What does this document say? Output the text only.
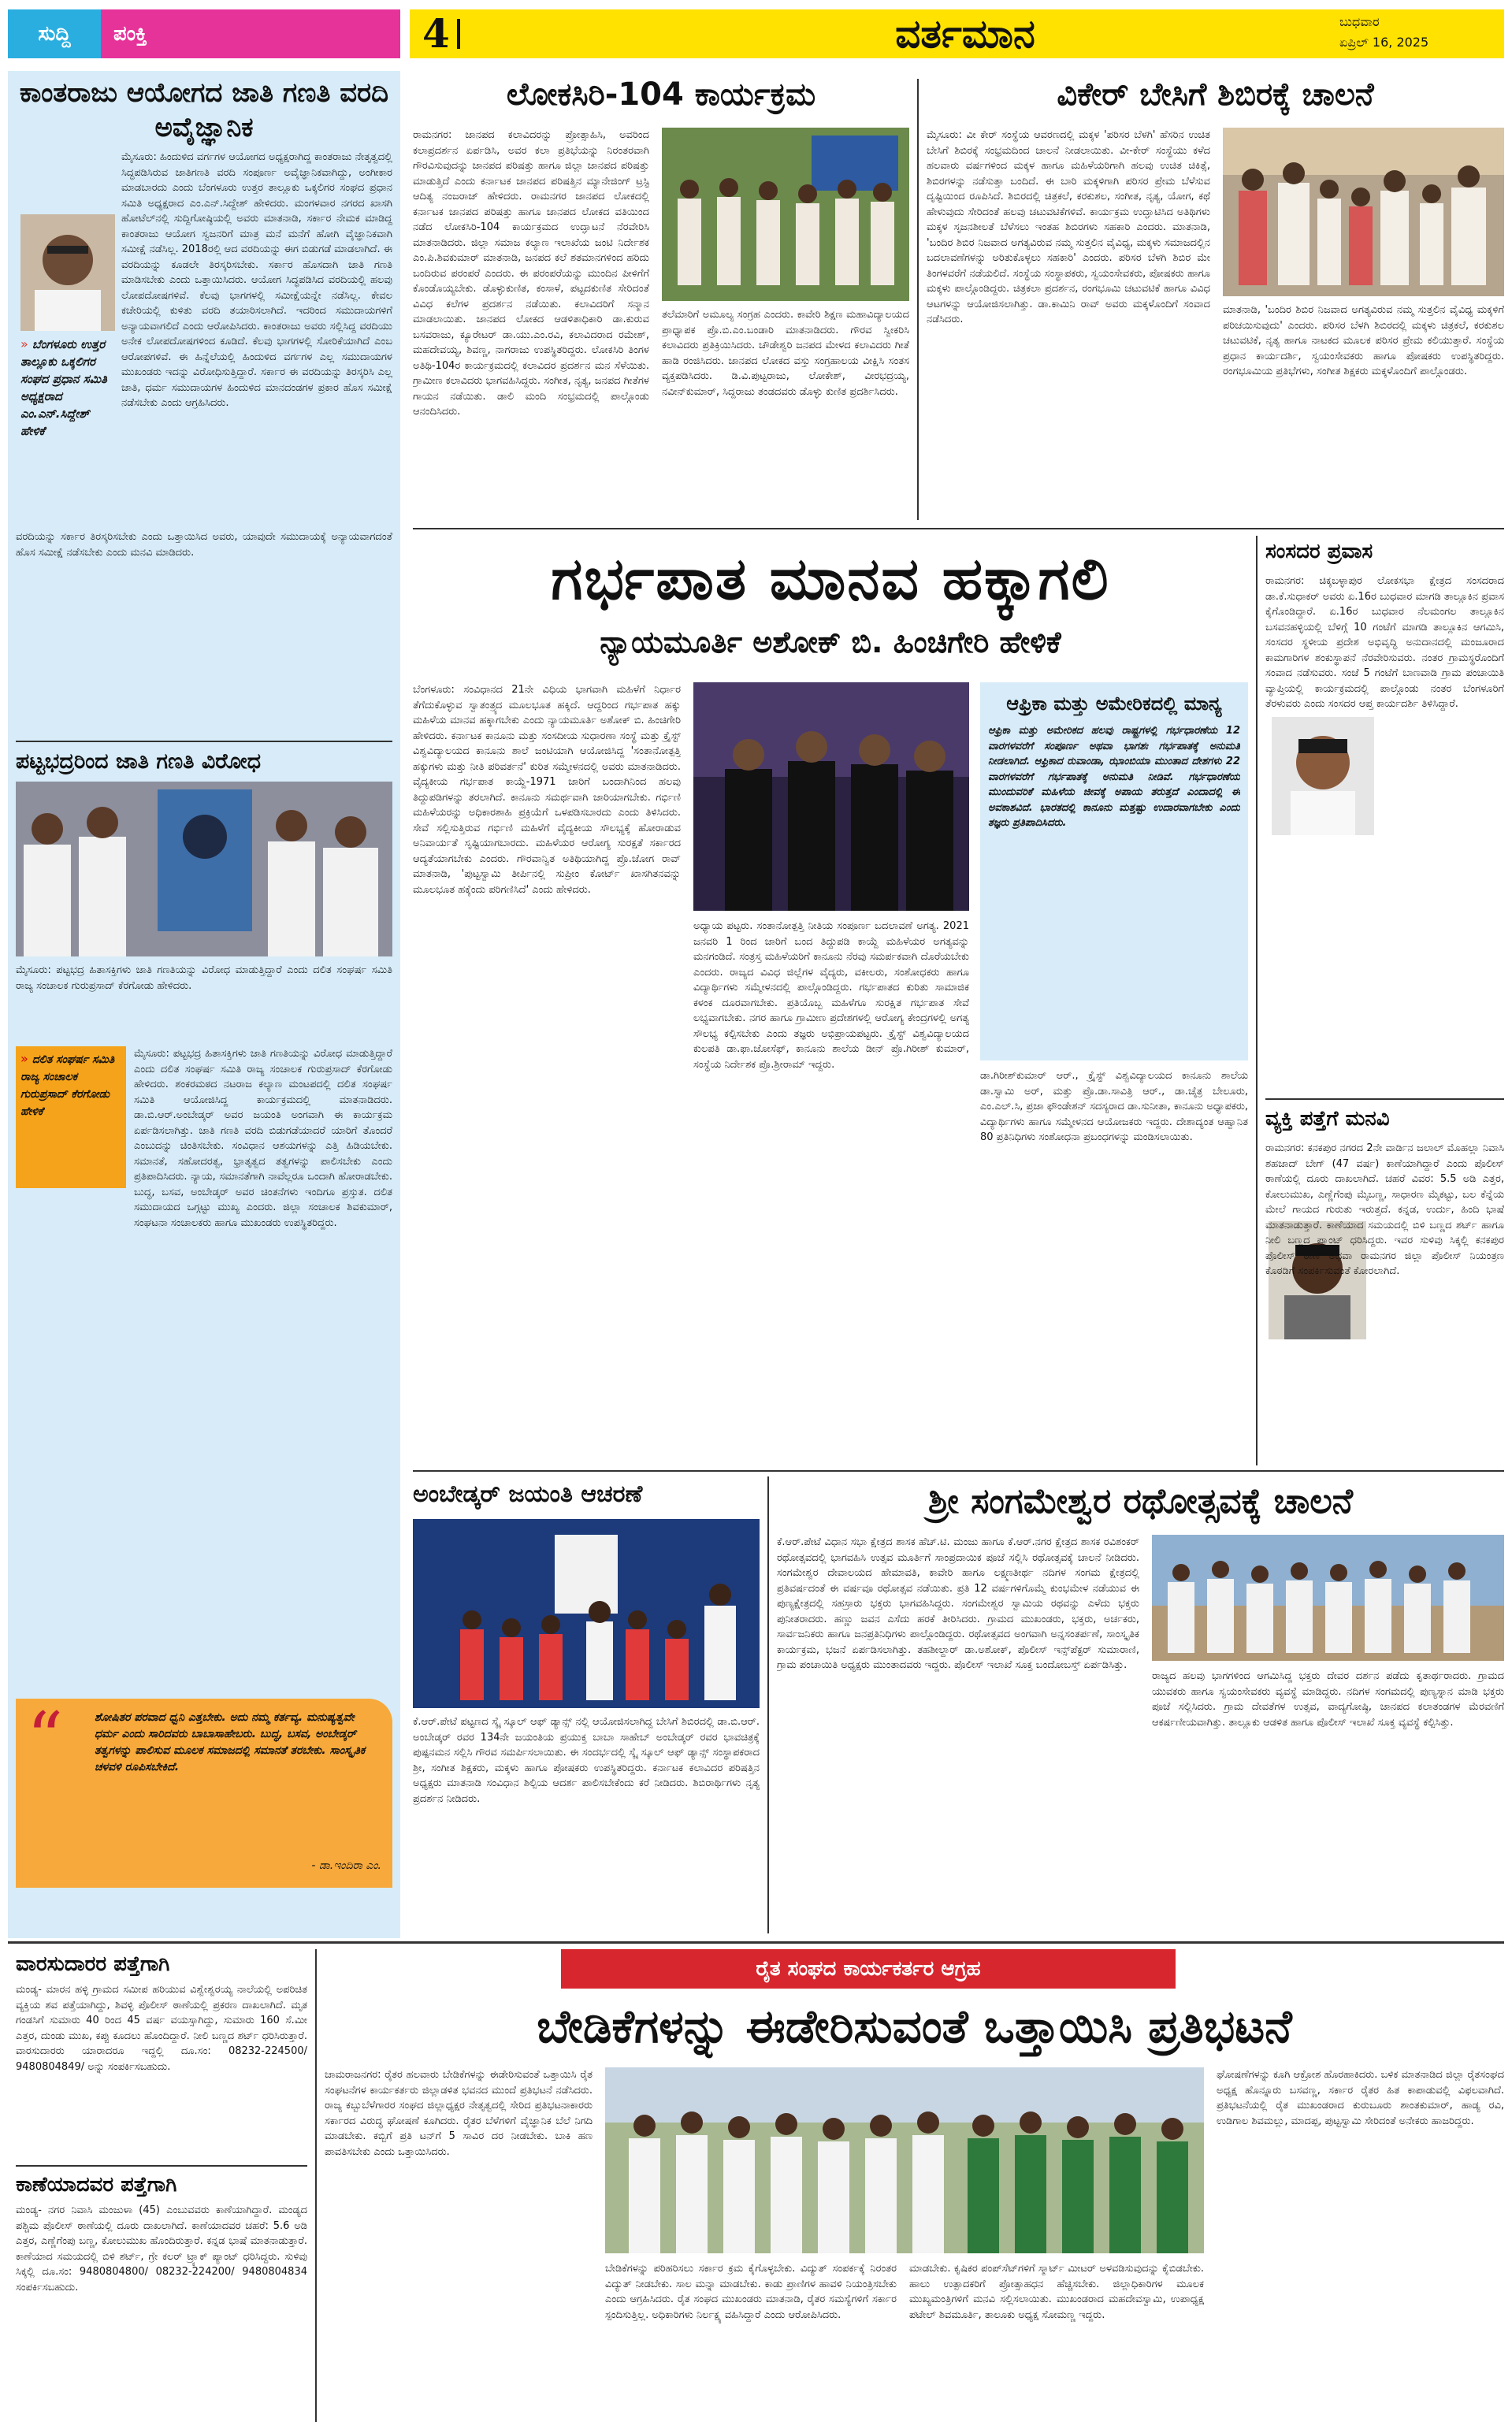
ಸುದ್ದಿ	ಪಂಕ್ತಿ	4	ವರ್ತಮಾನ	ಬುಧವಾರ
ಏಪ್ರಿಲ್ 16, 2025
ಕಾಂತರಾಜು ಆಯೋಗದ ಜಾತಿ ಗಣತಿ ವರದಿ ಅವೈಜ್ಞಾನಿಕ
» ಬೆಂಗಳೂರು ಉತ್ತರ ತಾಲ್ಲೂಕು ಒಕ್ಕಲಿಗರ ಸಂಘದ ಪ್ರಧಾನ ಸಮಿತಿ ಅಧ್ಯಕ್ಷರಾದ ಎಂ.ಎನ್.ಸಿದ್ದೇಶ್ ಹೇಳಿಕೆ
ಮೈಸೂರು: ಹಿಂದುಳಿದ ವರ್ಗಗಳ ಆಯೋಗದ ಅಧ್ಯಕ್ಷರಾಗಿದ್ದ ಕಾಂತರಾಜು ನೇತೃತ್ವದಲ್ಲಿ ಸಿದ್ಧಪಡಿಸಿರುವ ಜಾತಿಗಣತಿ ವರದಿ ಸಂಪೂರ್ಣ ಅವೈಜ್ಞಾನಿಕವಾಗಿದ್ದು, ಅಂಗೀಕಾರ ಮಾಡಬಾರದು ಎಂದು ಬೆಂಗಳೂರು ಉತ್ತರ ತಾಲ್ಲೂಕು ಒಕ್ಕಲಿಗರ ಸಂಘದ ಪ್ರಧಾನ ಸಮಿತಿ ಅಧ್ಯಕ್ಷರಾದ ಎಂ.ಎನ್.ಸಿದ್ದೇಶ್ ಹೇಳಿದರು. ಮಂಗಳವಾರ ನಗರದ ಖಾಸಗಿ ಹೋಟೆಲ್‌ನಲ್ಲಿ ಸುದ್ದಿಗೋಷ್ಠಿಯಲ್ಲಿ ಅವರು ಮಾತನಾಡಿ, ಸರ್ಕಾರ ನೇಮಕ ಮಾಡಿದ್ದ ಕಾಂತರಾಜು ಆಯೋಗ ಸ್ವಜನರಿಗೆ ಮಾತ್ರ ಮನೆ ಮನೆಗೆ ಹೋಗಿ ವೈಜ್ಞಾನಿಕವಾಗಿ ಸಮೀಕ್ಷೆ ನಡೆಸಿಲ್ಲ. 2018ರಲ್ಲಿ ಆದ ವರದಿಯನ್ನು ಈಗ ಬಿಡುಗಡೆ ಮಾಡಲಾಗಿದೆ. ಈ ವರದಿಯನ್ನು ಕೂಡಲೇ ತಿರಸ್ಕರಿಸಬೇಕು. ಸರ್ಕಾರ ಹೊಸದಾಗಿ ಜಾತಿ ಗಣತಿ ಮಾಡಿಸಬೇಕು ಎಂದು ಒತ್ತಾಯಿಸಿದರು. ಆಯೋಗ ಸಿದ್ಧಪಡಿಸಿದ ವರದಿಯಲ್ಲಿ ಹಲವು ಲೋಪದೋಷಗಳಿವೆ. ಕೆಲವು ಭಾಗಗಳಲ್ಲಿ ಸಮೀಕ್ಷೆಯನ್ನೇ ನಡೆಸಿಲ್ಲ. ಕೇವಲ ಕಚೇರಿಯಲ್ಲಿ ಕುಳಿತು ವರದಿ ತಯಾರಿಸಲಾಗಿದೆ. ಇದರಿಂದ ಸಮುದಾಯಗಳಿಗೆ ಅನ್ಯಾಯವಾಗಲಿದೆ ಎಂದು ಆರೋಪಿಸಿದರು. ಕಾಂತರಾಜು ಅವರು ಸಲ್ಲಿಸಿದ್ದ ವರದಿಯು ಅನೇಕ ಲೋಪದೋಷಗಳಿಂದ ಕೂಡಿದೆ. ಕೆಲವು ಭಾಗಗಳಲ್ಲಿ ಸೋರಿಕೆಯಾಗಿದೆ ಎಂಬ ಆರೋಪಗಳಿವೆ. ಈ ಹಿನ್ನೆಲೆಯಲ್ಲಿ ಹಿಂದುಳಿದ ವರ್ಗಗಳ ಎಲ್ಲ ಸಮುದಾಯಗಳ ಮುಖಂಡರು ಇದನ್ನು ವಿರೋಧಿಸುತ್ತಿದ್ದಾರೆ. ಸರ್ಕಾರ ಈ ವರದಿಯನ್ನು ತಿರಸ್ಕರಿಸಿ ಎಲ್ಲ ಜಾತಿ, ಧರ್ಮ ಸಮುದಾಯಗಳ ಹಿಂದುಳಿದ ಮಾನದಂಡಗಳ ಪ್ರಕಾರ ಹೊಸ ಸಮೀಕ್ಷೆ ನಡೆಸಬೇಕು ಎಂದು ಆಗ್ರಹಿಸಿದರು.
ವರದಿಯನ್ನು ಸರ್ಕಾರ ತಿರಸ್ಕರಿಸಬೇಕು ಎಂದು ಒತ್ತಾಯಿಸಿದ ಅವರು, ಯಾವುದೇ ಸಮುದಾಯಕ್ಕೆ ಅನ್ಯಾಯವಾಗದಂತೆ ಹೊಸ ಸಮೀಕ್ಷೆ ನಡೆಸಬೇಕು ಎಂದು ಮನವಿ ಮಾಡಿದರು.
ಪಟ್ಟಭದ್ರರಿಂದ ಜಾತಿ ಗಣತಿ ವಿರೋಧ
ಮೈಸೂರು: ಪಟ್ಟಭದ್ರ ಹಿತಾಸಕ್ತಿಗಳು ಜಾತಿ ಗಣತಿಯನ್ನು ವಿರೋಧ ಮಾಡುತ್ತಿದ್ದಾರೆ ಎಂದು ದಲಿತ ಸಂಘರ್ಷ ಸಮಿತಿ ರಾಜ್ಯ ಸಂಚಾಲಕ ಗುರುಪ್ರಸಾದ್ ಕೆರಗೋಡು ಹೇಳಿದರು.
» ದಲಿತ ಸಂಘರ್ಷ ಸಮಿತಿ ರಾಜ್ಯ ಸಂಚಾಲಕ ಗುರುಪ್ರಸಾದ್ ಕೆರಗೋಡು ಹೇಳಿಕೆ
ಮೈಸೂರು: ಪಟ್ಟಭದ್ರ ಹಿತಾಸಕ್ತಿಗಳು ಜಾತಿ ಗಣತಿಯನ್ನು ವಿರೋಧ ಮಾಡುತ್ತಿದ್ದಾರೆ ಎಂದು ದಲಿತ ಸಂಘರ್ಷ ಸಮಿತಿ ರಾಜ್ಯ ಸಂಚಾಲಕ ಗುರುಪ್ರಸಾದ್ ಕೆರಗೋಡು ಹೇಳಿದರು. ಶಂಕರಮಠದ ನಟರಾಜ ಕಲ್ಯಾಣ ಮಂಟಪದಲ್ಲಿ ದಲಿತ ಸಂಘರ್ಷ ಸಮಿತಿ ಆಯೋಜಿಸಿದ್ದ ಕಾರ್ಯಕ್ರಮದಲ್ಲಿ ಮಾತನಾಡಿದರು. ಡಾ.ಬಿ.ಆರ್.ಅಂಬೇಡ್ಕರ್ ಅವರ ಜಯಂತಿ ಅಂಗವಾಗಿ ಈ ಕಾರ್ಯಕ್ರಮ ಏರ್ಪಡಿಸಲಾಗಿತ್ತು. ಜಾತಿ ಗಣತಿ ವರದಿ ಬಿಡುಗಡೆಯಾದರೆ ಯಾರಿಗೆ ತೊಂದರೆ ಎಂಬುದನ್ನು ಚಿಂತಿಸಬೇಕು. ಸಂವಿಧಾನ ಆಶಯಗಳನ್ನು ಎತ್ತಿ ಹಿಡಿಯಬೇಕು. ಸಮಾನತೆ, ಸಹೋದರತ್ವ, ಭ್ರಾತೃತ್ವದ ತತ್ವಗಳನ್ನು ಪಾಲಿಸಬೇಕು ಎಂದು ಪ್ರತಿಪಾದಿಸಿದರು. ನ್ಯಾಯ, ಸಮಾನತೆಗಾಗಿ ನಾವೆಲ್ಲರೂ ಒಂದಾಗಿ ಹೋರಾಡಬೇಕು. ಬುದ್ಧ, ಬಸವ, ಅಂಬೇಡ್ಕರ್ ಅವರ ಚಿಂತನೆಗಳು ಇಂದಿಗೂ ಪ್ರಸ್ತುತ. ದಲಿತ ಸಮುದಾಯದ ಒಗ್ಗಟ್ಟು ಮುಖ್ಯ ಎಂದರು. ಜಿಲ್ಲಾ ಸಂಚಾಲಕ ಶಿವಕುಮಾರ್, ಸಂಘಟನಾ ಸಂಚಾಲಕರು ಹಾಗೂ ಮುಖಂಡರು ಉಪಸ್ಥಿತರಿದ್ದರು.
“	ಶೋಷಿತರ ಪರವಾದ ಧ್ವನಿ ಎತ್ತಬೇಕು. ಅದು ನಮ್ಮ ಕರ್ತವ್ಯ. ಮನುಷ್ಯತ್ವವೇ ಧರ್ಮ ಎಂದು ಸಾರಿದವರು ಬಾಬಾಸಾಹೇಬರು. ಬುದ್ಧ, ಬಸವ, ಅಂಬೇಡ್ಕರ್ ತತ್ವಗಳನ್ನು ಪಾಲಿಸುವ ಮೂಲಕ ಸಮಾಜದಲ್ಲಿ ಸಮಾನತೆ ತರಬೇಕು. ಸಾಂಸ್ಕೃತಿಕ ಚಳವಳಿ ರೂಪಿಸಬೇಕಿದೆ.
- ಡಾ.ಇಂದಿರಾ ಎಂ.
ಲೋಕಸಿರಿ-104 ಕಾರ್ಯಕ್ರಮ
ರಾಮನಗರ: ಜಾನಪದ ಕಲಾವಿದರನ್ನು ಪ್ರೋತ್ಸಾಹಿಸಿ, ಅವರಿಂದ ಕಲಾಪ್ರದರ್ಶನ ಏರ್ಪಡಿಸಿ, ಅವರ ಕಲಾ ಪ್ರತಿಭೆಯನ್ನು ನಿರಂತರವಾಗಿ ಗೌರವಿಸುವುದನ್ನು ಜಾನಪದ ಪರಿಷತ್ತು ಹಾಗೂ ಜಿಲ್ಲಾ ಜಾನಪದ ಪರಿಷತ್ತು ಮಾಡುತ್ತಿದೆ ಎಂದು ಕರ್ನಾಟಕ ಜಾನಪದ ಪರಿಷತ್ತಿನ ಮ್ಯಾನೇಜಿಂಗ್ ಟ್ರಸ್ಟಿ ಆದಿತ್ಯ ನಂಜರಾಜ್ ಹೇಳಿದರು. ರಾಮನಗರ ಜಾನಪದ ಲೋಕದಲ್ಲಿ ಕರ್ನಾಟಕ ಜಾನಪದ ಪರಿಷತ್ತು ಹಾಗೂ ಜಾನಪದ ಲೋಕದ ವತಿಯಿಂದ ನಡೆದ ಲೋಕಸಿರಿ-104 ಕಾರ್ಯಕ್ರಮದ ಉದ್ಘಾಟನೆ ನೆರವೇರಿಸಿ ಮಾತನಾಡಿದರು. ಜಿಲ್ಲಾ ಸಮಾಜ ಕಲ್ಯಾಣ ಇಲಾಖೆಯ ಜಂಟಿ ನಿರ್ದೇಶಕ ಎಂ.ಪಿ.ಶಿವಕುಮಾರ್ ಮಾತನಾಡಿ, ಜನಪದ ಕಲೆ ಶತಮಾನಗಳಿಂದ ಹರಿದು ಬಂದಿರುವ ಪರಂಪರೆ ಎಂದರು. ಈ ಪರಂಪರೆಯನ್ನು ಮುಂದಿನ ಪೀಳಿಗೆಗೆ ಕೊಂಡೊಯ್ಯಬೇಕು. ಡೊಳ್ಳುಕುಣಿತ, ಕಂಸಾಳೆ, ಪಟ್ಟದಕುಣಿತ ಸೇರಿದಂತೆ ವಿವಿಧ ಕಲೆಗಳ ಪ್ರದರ್ಶನ ನಡೆಯಿತು. ಕಲಾವಿದರಿಗೆ ಸನ್ಮಾನ ಮಾಡಲಾಯಿತು. ಜಾನಪದ ಲೋಕದ ಆಡಳಿತಾಧಿಕಾರಿ ಡಾ.ಕುರುವ ಬಸವರಾಜು, ಕ್ಯೂರೇಟರ್ ಡಾ.ಯು.ಎಂ.ರವಿ, ಕಲಾವಿದರಾದ ರಮೇಶ್, ಮಹದೇವಯ್ಯ, ಶಿವಣ್ಣ, ನಾಗರಾಜು ಉಪಸ್ಥಿತರಿದ್ದರು. ಲೋಕಸಿರಿ ತಿಂಗಳ ಅತಿಥಿ-104ರ ಕಾರ್ಯಕ್ರಮದಲ್ಲಿ ಕಲಾವಿದರ ಪ್ರದರ್ಶನ ಮನ ಸೆಳೆಯಿತು. ಗ್ರಾಮೀಣ ಕಲಾವಿದರು ಭಾಗವಹಿಸಿದ್ದರು. ಸಂಗೀತ, ನೃತ್ಯ, ಜನಪದ ಗೀತೆಗಳ ಗಾಯನ ನಡೆಯಿತು. ಡಾಲಿ ಮಂದಿ ಸಂಭ್ರಮದಲ್ಲಿ ಪಾಲ್ಗೊಂಡು ಆನಂದಿಸಿದರು.
ತಲೆಮಾರಿಗೆ ಅಮೂಲ್ಯ ಸಂಗ್ರಹ ಎಂದರು. ಕಾವೇರಿ ಶಿಕ್ಷಣ ಮಹಾವಿದ್ಯಾಲಯದ ಪ್ರಾಧ್ಯಾಪಕ ಪ್ರೊ.ಬಿ.ಎಂ.ಬಂಡಾರಿ ಮಾತನಾಡಿದರು. ಗೌರವ ಸ್ವೀಕರಿಸಿ ಕಲಾವಿದರು ಪ್ರತಿಕ್ರಿಯಿಸಿದರು. ಚೌಡೇಶ್ವರಿ ಜನಪದ ಮೇಳದ ಕಲಾವಿದರು ಗೀತೆ ಹಾಡಿ ರಂಜಿಸಿದರು. ಜಾನಪದ ಲೋಕದ ವಸ್ತು ಸಂಗ್ರಹಾಲಯ ವೀಕ್ಷಿಸಿ ಸಂತಸ ವ್ಯಕ್ತಪಡಿಸಿದರು. ಡಿ.ವಿ.ಪುಟ್ಟರಾಜು, ಲೋಕೇಶ್, ವೀರಭದ್ರಯ್ಯ, ನವೀನ್‌ಕುಮಾರ್, ಸಿದ್ದರಾಜು ತಂಡದವರು ಡೊಳ್ಳು ಕುಣಿತ ಪ್ರದರ್ಶಿಸಿದರು.
ವಿಕೇರ್ ಬೇಸಿಗೆ ಶಿಬಿರಕ್ಕೆ ಚಾಲನೆ
ಮೈಸೂರು: ವೀ ಕೇರ್ ಸಂಸ್ಥೆಯ ಆವರಣದಲ್ಲಿ ಮಕ್ಕಳ 'ಪರಿಸರ ಬೆಳಗಿ' ಹೆಸರಿನ ಉಚಿತ ಬೇಸಿಗೆ ಶಿಬಿರಕ್ಕೆ ಸಂಭ್ರಮದಿಂದ ಚಾಲನೆ ನೀಡಲಾಯಿತು. ವೀ-ಕೇರ್ ಸಂಸ್ಥೆಯು ಕಳೆದ ಹಲವಾರು ವರ್ಷಗಳಿಂದ ಮಕ್ಕಳ ಹಾಗೂ ಮಹಿಳೆಯರಿಗಾಗಿ ಹಲವು ಉಚಿತ ಚಿಕಿತ್ಸೆ, ಶಿಬಿರಗಳನ್ನು ನಡೆಸುತ್ತಾ ಬಂದಿದೆ. ಈ ಬಾರಿ ಮಕ್ಕಳಿಗಾಗಿ ಪರಿಸರ ಪ್ರೇಮ ಬೆಳೆಸುವ ದೃಷ್ಟಿಯಿಂದ ರೂಪಿಸಿದೆ. ಶಿಬಿರದಲ್ಲಿ ಚಿತ್ರಕಲೆ, ಕರಕುಶಲ, ಸಂಗೀತ, ನೃತ್ಯ, ಯೋಗ, ಕಥೆ ಹೇಳುವುದು ಸೇರಿದಂತೆ ಹಲವು ಚಟುವಟಿಕೆಗಳಿವೆ. ಕಾರ್ಯಕ್ರಮ ಉದ್ಘಾಟಿಸಿದ ಅತಿಥಿಗಳು ಮಕ್ಕಳ ಸೃಜನಶೀಲತೆ ಬೆಳೆಸಲು ಇಂತಹ ಶಿಬಿರಗಳು ಸಹಕಾರಿ ಎಂದರು. ಮಾತನಾಡಿ, 'ಬಂದಿರ ಶಿಬಿರ ನಿಜವಾದ ಅಗತ್ಯವಿರುವ ನಮ್ಮ ಸುತ್ತಲಿನ ವೈವಿಧ್ಯ, ಮಕ್ಕಳು ಸಮಾಜದಲ್ಲಿನ ಬದಲಾವಣೆಗಳನ್ನು ಅರಿತುಕೊಳ್ಳಲು ಸಹಕಾರಿ' ಎಂದರು. ಪರಿಸರ ಬೆಳಗಿ ಶಿಬಿರ ಮೇ ತಿಂಗಳವರೆಗೆ ನಡೆಯಲಿದೆ. ಸಂಸ್ಥೆಯ ಸಂಸ್ಥಾಪಕರು, ಸ್ವಯಂಸೇವಕರು, ಪೋಷಕರು ಹಾಗೂ ಮಕ್ಕಳು ಪಾಲ್ಗೊಂಡಿದ್ದರು. ಚಿತ್ರಕಲಾ ಪ್ರದರ್ಶನ, ರಂಗಭೂಮಿ ಚಟುವಟಿಕೆ ಹಾಗೂ ವಿವಿಧ ಆಟಗಳನ್ನು ಆಯೋಜಿಸಲಾಗಿತ್ತು. ಡಾ.ಕಾಮಿನಿ ರಾವ್ ಅವರು ಮಕ್ಕಳೊಂದಿಗೆ ಸಂವಾದ ನಡೆಸಿದರು.
ಮಾತನಾಡಿ, 'ಬಂದಿರ ಶಿಬಿರ ನಿಜವಾದ ಅಗತ್ಯವಿರುವ ನಮ್ಮ ಸುತ್ತಲಿನ ವೈವಿಧ್ಯ ಮಕ್ಕಳಿಗೆ ಪರಿಚಯಿಸುವುದು' ಎಂದರು. ಪರಿಸರ ಬೆಳಗಿ ಶಿಬಿರದಲ್ಲಿ ಮಕ್ಕಳು ಚಿತ್ರಕಲೆ, ಕರಕುಶಲ ಚಟುವಟಿಕೆ, ನೃತ್ಯ ಹಾಗೂ ನಾಟಕದ ಮೂಲಕ ಪರಿಸರ ಪ್ರೇಮ ಕಲಿಯುತ್ತಾರೆ. ಸಂಸ್ಥೆಯ ಪ್ರಧಾನ ಕಾರ್ಯದರ್ಶಿ, ಸ್ವಯಂಸೇವಕರು ಹಾಗೂ ಪೋಷಕರು ಉಪಸ್ಥಿತರಿದ್ದರು. ರಂಗಭೂಮಿಯ ಪ್ರತಿಭೆಗಳು, ಸಂಗೀತ ಶಿಕ್ಷಕರು ಮಕ್ಕಳೊಂದಿಗೆ ಪಾಲ್ಗೊಂಡರು.
ಗರ್ಭಪಾತ ಮಾನವ ಹಕ್ಕಾಗಲಿ
ನ್ಯಾಯಮೂರ್ತಿ ಅಶೋಕ್ ಬಿ. ಹಿಂಚಿಗೇರಿ ಹೇಳಿಕೆ
ಬೆಂಗಳೂರು: ಸಂವಿಧಾನದ 21ನೇ ವಿಧಿಯ ಭಾಗವಾಗಿ ಮಹಿಳೆಗೆ ನಿರ್ಧಾರ ತೆಗೆದುಕೊಳ್ಳುವ ಸ್ವಾತಂತ್ರ್ಯದ ಮೂಲಭೂತ ಹಕ್ಕಿದೆ. ಆದ್ದರಿಂದ ಗರ್ಭಪಾತ ಹಕ್ಕು ಮಹಿಳೆಯ ಮಾನವ ಹಕ್ಕಾಗಬೇಕು ಎಂದು ನ್ಯಾಯಮೂರ್ತಿ ಅಶೋಕ್ ಬಿ. ಹಿಂಚಿಗೇರಿ ಹೇಳಿದರು. ಕರ್ನಾಟಕ ಕಾನೂನು ಮತ್ತು ಸಂಸದೀಯ ಸುಧಾರಣಾ ಸಂಸ್ಥೆ ಮತ್ತು ಕ್ರೈಸ್ಟ್ ವಿಶ್ವವಿದ್ಯಾಲಯದ ಕಾನೂನು ಶಾಲೆ ಜಂಟಿಯಾಗಿ ಆಯೋಜಿಸಿದ್ದ 'ಸಂತಾನೋತ್ಪತ್ತಿ ಹಕ್ಕುಗಳು ಮತ್ತು ನೀತಿ ಪರಿವರ್ತನೆ' ಕುರಿತ ಸಮ್ಮೇಳನದಲ್ಲಿ ಅವರು ಮಾತನಾಡಿದರು. ವೈದ್ಯಕೀಯ ಗರ್ಭಪಾತ ಕಾಯ್ದೆ-1971 ಜಾರಿಗೆ ಬಂದಾಗಿನಿಂದ ಹಲವು ತಿದ್ದುಪಡಿಗಳನ್ನು ತರಲಾಗಿದೆ. ಕಾನೂನು ಸಮರ್ಥವಾಗಿ ಜಾರಿಯಾಗಬೇಕು. ಗರ್ಭಿಣಿ ಮಹಿಳೆಯರನ್ನು ಅಧಿಕಾರಶಾಹಿ ಪ್ರಕ್ರಿಯೆಗೆ ಒಳಪಡಿಸಬಾರದು ಎಂದು ತಿಳಿಸಿದರು. ಸೇವೆ ಸಲ್ಲಿಸುತ್ತಿರುವ ಗರ್ಭಿಣಿ ಮಹಿಳೆಗೆ ವೈದ್ಯಕೀಯ ಸೌಲಭ್ಯಕ್ಕೆ ಹೋರಾಡುವ ಅನಿವಾರ್ಯತೆ ಸೃಷ್ಟಿಯಾಗಬಾರದು. ಮಹಿಳೆಯರ ಆರೋಗ್ಯ ಸುರಕ್ಷತೆ ಸರ್ಕಾರದ ಆದ್ಯತೆಯಾಗಬೇಕು ಎಂದರು. ಗೌರವಾನ್ವಿತ ಅತಿಥಿಯಾಗಿದ್ದ ಪ್ರೊ.ಜೋಗ ರಾವ್ ಮಾತನಾಡಿ, 'ಪುಟ್ಟಸ್ವಾಮಿ ತೀರ್ಪಿನಲ್ಲಿ ಸುಪ್ರೀಂ ಕೋರ್ಟ್ ಖಾಸಗಿತನವನ್ನು ಮೂಲಭೂತ ಹಕ್ಕೆಂದು ಪರಿಗಣಿಸಿದೆ' ಎಂದು ಹೇಳಿದರು.
ಅಧ್ಯಾಯ ಪಟ್ಟರು. ಸಂತಾನೋತ್ಪತ್ತಿ ನೀತಿಯ ಸಂಪೂರ್ಣ ಬದಲಾವಣೆ ಅಗತ್ಯ. 2021 ಜನವರಿ 1 ರಿಂದ ಜಾರಿಗೆ ಬಂದ ತಿದ್ದುಪಡಿ ಕಾಯ್ದೆ ಮಹಿಳೆಯರ ಅಗತ್ಯವನ್ನು ಮನಗಂಡಿದೆ. ಸಂತ್ರಸ್ತ ಮಹಿಳೆಯರಿಗೆ ಕಾನೂನು ನೆರವು ಸಮರ್ಪಕವಾಗಿ ದೊರೆಯಬೇಕು ಎಂದರು. ರಾಜ್ಯದ ವಿವಿಧ ಜಿಲ್ಲೆಗಳ ವೈದ್ಯರು, ವಕೀಲರು, ಸಂಶೋಧಕರು ಹಾಗೂ ವಿದ್ಯಾರ್ಥಿಗಳು ಸಮ್ಮೇಳನದಲ್ಲಿ ಪಾಲ್ಗೊಂಡಿದ್ದರು. ಗರ್ಭಪಾತದ ಕುರಿತು ಸಾಮಾಜಿಕ ಕಳಂಕ ದೂರವಾಗಬೇಕು. ಪ್ರತಿಯೊಬ್ಬ ಮಹಿಳೆಗೂ ಸುರಕ್ಷಿತ ಗರ್ಭಪಾತ ಸೇವೆ ಲಭ್ಯವಾಗಬೇಕು. ನಗರ ಹಾಗೂ ಗ್ರಾಮೀಣ ಪ್ರದೇಶಗಳಲ್ಲಿ ಆರೋಗ್ಯ ಕೇಂದ್ರಗಳಲ್ಲಿ ಅಗತ್ಯ ಸೌಲಭ್ಯ ಕಲ್ಪಿಸಬೇಕು ಎಂದು ತಜ್ಞರು ಅಭಿಪ್ರಾಯಪಟ್ಟರು. ಕ್ರೈಸ್ಟ್ ವಿಶ್ವವಿದ್ಯಾಲಯದ ಕುಲಪತಿ ಡಾ.ಫಾ.ಜೋಸೆಫ್, ಕಾನೂನು ಶಾಲೆಯ ಡೀನ್ ಪ್ರೊ.ಗಿರೀಶ್ ಕುಮಾರ್, ಸಂಸ್ಥೆಯ ನಿರ್ದೇಶಕ ಪ್ರೊ.ಶ್ರೀರಾಮ್ ಇದ್ದರು.
ಆಫ್ರಿಕಾ ಮತ್ತು ಅಮೇರಿಕದಲ್ಲಿ ಮಾನ್ಯ
ಆಫ್ರಿಕಾ ಮತ್ತು ಅಮೇರಿಕದ ಹಲವು ರಾಷ್ಟ್ರಗಳಲ್ಲಿ ಗರ್ಭಧಾರಣೆಯ 12 ವಾರಗಳವರೆಗೆ ಸಂಪೂರ್ಣ ಅಥವಾ ಭಾಗಶಃ ಗರ್ಭಪಾತಕ್ಕೆ ಅನುಮತಿ ನೀಡಲಾಗಿದೆ. ಆಫ್ರಿಕಾದ ರುವಾಂಡಾ, ಝಾಂಬಿಯಾ ಮುಂತಾದ ದೇಶಗಳು 22 ವಾರಗಳವರೆಗೆ ಗರ್ಭಪಾತಕ್ಕೆ ಅನುಮತಿ ನೀಡಿವೆ. ಗರ್ಭಧಾರಣೆಯ ಮುಂದುವರಿಕೆ ಮಹಿಳೆಯ ಜೀವಕ್ಕೆ ಅಪಾಯ ತರುತ್ತದೆ ಎಂದಾದಲ್ಲಿ ಈ ಅವಕಾಶವಿದೆ. ಭಾರತದಲ್ಲಿ ಕಾನೂನು ಮತ್ತಷ್ಟು ಉದಾರವಾಗಬೇಕು ಎಂದು ತಜ್ಞರು ಪ್ರತಿಪಾದಿಸಿದರು.
ಡಾ.ಗಿರೀಶ್‌ಕುಮಾರ್ ಆರ್., ಕ್ರೈಸ್ಟ್ ವಿಶ್ವವಿದ್ಯಾಲಯದ ಕಾನೂನು ಶಾಲೆಯ ಡಾ.ಸ್ವಾಮಿ ಅರ್, ಮತ್ತು ಪ್ರೊ.ಡಾ.ಸಾವಿತ್ರಿ ಆರ್., ಡಾ.ಚೈತ್ರ ಬೇಲೂರು, ಎಂ.ಎಲ್.ಸಿ, ಪ್ರಜಾ ಫೌಂಡೇಶನ್ ಸದಸ್ಯರಾದ ಡಾ.ಸುನೀತಾ, ಕಾನೂನು ಅಧ್ಯಾಪಕರು, ವಿದ್ಯಾರ್ಥಿಗಳು ಹಾಗೂ ಸಮ್ಮೇಳನದ ಆಯೋಜಕರು ಇದ್ದರು. ದೇಶಾದ್ಯಂತ ಆಹ್ವಾನಿತ 80 ಪ್ರತಿನಿಧಿಗಳು ಸಂಶೋಧನಾ ಪ್ರಬಂಧಗಳನ್ನು ಮಂಡಿಸಲಾಯಿತು.
ಸಂಸದರ ಪ್ರವಾಸ
ರಾಮನಗರ: ಚಿಕ್ಕಬಳ್ಳಾಪುರ ಲೋಕಸಭಾ ಕ್ಷೇತ್ರದ ಸಂಸದರಾದ ಡಾ.ಕೆ.ಸುಧಾಕರ್ ಅವರು ಏ.16ರ ಬುಧವಾರ ಮಾಗಡಿ ತಾಲ್ಲೂಕಿನ ಪ್ರವಾಸ ಕೈಗೊಂಡಿದ್ದಾರೆ. ಏ.16ರ ಬುಧವಾರ ನೆಲಮಂಗಲ ತಾಲ್ಲೂಕಿನ ಬಸವನಹಳ್ಳಿಯಲ್ಲಿ ಬೆಳಿಗ್ಗೆ 10 ಗಂಟೆಗೆ ಮಾಗಡಿ ತಾಲ್ಲೂಕಿನ ಆಗಮಿಸಿ, ಸಂಸದರ ಸ್ಥಳೀಯ ಪ್ರದೇಶ ಅಭಿವೃದ್ಧಿ ಅನುದಾನದಲ್ಲಿ ಮಂಜೂರಾದ ಕಾಮಗಾರಿಗಳ ಶಂಕುಸ್ಥಾಪನೆ ನೆರವೇರಿಸುವರು. ನಂತರ ಗ್ರಾಮಸ್ಥರೊಂದಿಗೆ ಸಂವಾದ ನಡೆಸುವರು. ಸಂಜೆ 5 ಗಂಟೆಗೆ ಬಾಣವಾಡಿ ಗ್ರಾಮ ಪಂಚಾಯಿತಿ ವ್ಯಾಪ್ತಿಯಲ್ಲಿ ಕಾರ್ಯಕ್ರಮದಲ್ಲಿ ಪಾಲ್ಗೊಂಡು ನಂತರ ಬೆಂಗಳೂರಿಗೆ ತೆರಳುವರು ಎಂದು ಸಂಸದರ ಆಪ್ತ ಕಾರ್ಯದರ್ಶಿ ತಿಳಿಸಿದ್ದಾರೆ.
ವ್ಯಕ್ತಿ ಪತ್ತೆಗೆ ಮನವಿ
ರಾಮನಗರ: ಕನಕಪುರ ನಗರದ 2ನೇ ವಾರ್ಡಿನ ಜಲಾಲ್ ಮೊಹಲ್ಲಾ ನಿವಾಸಿ ಶಹಜಾದ್ ಬೇಗ್ (47 ವರ್ಷ) ಕಾಣೆಯಾಗಿದ್ದಾರೆ ಎಂದು ಪೊಲೀಸ್ ಠಾಣೆಯಲ್ಲಿ ದೂರು ದಾಖಲಾಗಿದೆ. ಚಹರೆ ವಿವರ: 5.5 ಅಡಿ ಎತ್ತರ, ಕೋಲುಮುಖ, ಎಣ್ಣೆಗೆಂಪು ಮೈಬಣ್ಣ, ಸಾಧಾರಣ ಮೈಕಟ್ಟು, ಬಲ ಕೆನ್ನೆಯ ಮೇಲೆ ಗಾಯದ ಗುರುತು ಇರುತ್ತದೆ. ಕನ್ನಡ, ಉರ್ದು, ಹಿಂದಿ ಭಾಷೆ ಮಾತನಾಡುತ್ತಾರೆ. ಕಾಣೆಯಾದ ಸಮಯದಲ್ಲಿ ಬಿಳಿ ಬಣ್ಣದ ಶರ್ಟ್ ಹಾಗೂ ನೀಲಿ ಬಣ್ಣದ ಪ್ಯಾಂಟ್ ಧರಿಸಿದ್ದರು. ಇವರ ಸುಳಿವು ಸಿಕ್ಕಲ್ಲಿ ಕನಕಪುರ ಪೊಲೀಸ್ ಠಾಣೆ ಅಥವಾ ರಾಮನಗರ ಜಿಲ್ಲಾ ಪೊಲೀಸ್ ನಿಯಂತ್ರಣ ಕೊಠಡಿಗೆ ಸಂಪರ್ಕಿಸುವಂತೆ ಕೋರಲಾಗಿದೆ.
ಅಂಬೇಡ್ಕರ್ ಜಯಂತಿ ಆಚರಣೆ
ಕೆ.ಆರ್.ಪೇಟೆ ಪಟ್ಟಣದ ಸ್ಕೈ ಸ್ಕೂಲ್ ಆಫ್ ಡ್ಯಾನ್ಸ್ ನಲ್ಲಿ ಆಯೋಜಿಸಲಾಗಿದ್ದ ಬೇಸಿಗೆ ಶಿಬಿರದಲ್ಲಿ ಡಾ.ಬಿ.ಆರ್. ಅಂಬೇಡ್ಕರ್ ರವರ 134ನೇ ಜಯಂತಿಯ ಪ್ರಯುಕ್ತ ಬಾಬಾ ಸಾಹೇಬ್ ಅಂಬೇಡ್ಕರ್ ರವರ ಭಾವಚಿತ್ರಕ್ಕೆ ಪುಷ್ಪನಮನ ಸಲ್ಲಿಸಿ ಗೌರವ ಸಮರ್ಪಿಸಲಾಯಿತು. ಈ ಸಂದರ್ಭದಲ್ಲಿ ಸ್ಕೈ ಸ್ಕೂಲ್ ಆಫ್ ಡ್ಯಾನ್ಸ್ ಸಂಸ್ಥಾಪಕರಾದ ಶ್ರೀ, ಸಂಗೀತ ಶಿಕ್ಷಕರು, ಮಕ್ಕಳು ಹಾಗೂ ಪೋಷಕರು ಉಪಸ್ಥಿತರಿದ್ದರು. ಕರ್ನಾಟಕ ಕಲಾವಿದರ ಪರಿಷತ್ತಿನ ಅಧ್ಯಕ್ಷರು ಮಾತನಾಡಿ ಸಂವಿಧಾನ ಶಿಲ್ಪಿಯ ಆದರ್ಶ ಪಾಲಿಸಬೇಕೆಂದು ಕರೆ ನೀಡಿದರು. ಶಿಬಿರಾರ್ಥಿಗಳು ನೃತ್ಯ ಪ್ರದರ್ಶನ ನೀಡಿದರು.
ಶ್ರೀ ಸಂಗಮೇಶ್ವರ ರಥೋತ್ಸವಕ್ಕೆ ಚಾಲನೆ
ಕೆ.ಆರ್.ಪೇಟೆ ವಿಧಾನ ಸಭಾ ಕ್ಷೇತ್ರದ ಶಾಸಕ ಹೆಚ್.ಟಿ. ಮಂಜು ಹಾಗೂ ಕೆ.ಆರ್.ನಗರ ಕ್ಷೇತ್ರದ ಶಾಸಕ ರವಿಶಂಕರ್ ರಥೋತ್ಸವದಲ್ಲಿ ಭಾಗವಹಿಸಿ ಉತ್ಸವ ಮೂರ್ತಿಗೆ ಸಾಂಪ್ರದಾಯಿಕ ಪೂಜೆ ಸಲ್ಲಿಸಿ ರಥೋತ್ಸವಕ್ಕೆ ಚಾಲನೆ ನೀಡಿದರು. ಸಂಗಮೇಶ್ವರ ದೇವಾಲಯದ ಹೇಮಾವತಿ, ಕಾವೇರಿ ಹಾಗೂ ಲಕ್ಷ್ಮಣತೀರ್ಥ ನದಿಗಳ ಸಂಗಮ ಕ್ಷೇತ್ರದಲ್ಲಿ ಪ್ರತಿವರ್ಷದಂತೆ ಈ ವರ್ಷವೂ ರಥೋತ್ಸವ ನಡೆಯಿತು. ಪ್ರತಿ 12 ವರ್ಷಗಳಿಗೊಮ್ಮೆ ಕುಂಭಮೇಳ ನಡೆಯುವ ಈ ಪುಣ್ಯಕ್ಷೇತ್ರದಲ್ಲಿ ಸಹಸ್ರಾರು ಭಕ್ತರು ಭಾಗವಹಿಸಿದ್ದರು. ಸಂಗಮೇಶ್ವರ ಸ್ವಾಮಿಯ ರಥವನ್ನು ಎಳೆದು ಭಕ್ತರು ಪುನೀತರಾದರು. ಹಣ್ಣು ಜವನ ಎಸೆದು ಹರಕೆ ತೀರಿಸಿದರು. ಗ್ರಾಮದ ಮುಖಂಡರು, ಭಕ್ತರು, ಅರ್ಚಕರು, ಸಾರ್ವಜನಿಕರು ಹಾಗೂ ಜನಪ್ರತಿನಿಧಿಗಳು ಪಾಲ್ಗೊಂಡಿದ್ದರು. ರಥೋತ್ಸವದ ಅಂಗವಾಗಿ ಅನ್ನಸಂತರ್ಪಣೆ, ಸಾಂಸ್ಕೃತಿಕ ಕಾರ್ಯಕ್ರಮ, ಭಜನೆ ಏರ್ಪಡಿಸಲಾಗಿತ್ತು. ತಹಶೀಲ್ದಾರ್ ಡಾ.ಅಶೋಕ್, ಪೊಲೀಸ್ ಇನ್ಸ್‌ಪೆಕ್ಟರ್ ಸುಮಾರಾಣಿ, ಗ್ರಾಮ ಪಂಚಾಯಿತಿ ಅಧ್ಯಕ್ಷರು ಮುಂತಾದವರು ಇದ್ದರು. ಪೊಲೀಸ್ ಇಲಾಖೆ ಸೂಕ್ತ ಬಂದೋಬಸ್ತ್ ಏರ್ಪಡಿಸಿತ್ತು.
ರಾಜ್ಯದ ಹಲವು ಭಾಗಗಳಿಂದ ಆಗಮಿಸಿದ್ದ ಭಕ್ತರು ದೇವರ ದರ್ಶನ ಪಡೆದು ಕೃತಾರ್ಥರಾದರು. ಗ್ರಾಮದ ಯುವಕರು ಹಾಗೂ ಸ್ವಯಂಸೇವಕರು ವ್ಯವಸ್ಥೆ ಮಾಡಿದ್ದರು. ನದಿಗಳ ಸಂಗಮದಲ್ಲಿ ಪುಣ್ಯಸ್ನಾನ ಮಾಡಿ ಭಕ್ತರು ಪೂಜೆ ಸಲ್ಲಿಸಿದರು. ಗ್ರಾಮ ದೇವತೆಗಳ ಉತ್ಸವ, ವಾದ್ಯಗೋಷ್ಠಿ, ಜಾನಪದ ಕಲಾತಂಡಗಳ ಮೆರವಣಿಗೆ ಆಕರ್ಷಣೀಯವಾಗಿತ್ತು. ತಾಲ್ಲೂಕು ಆಡಳಿತ ಹಾಗೂ ಪೊಲೀಸ್ ಇಲಾಖೆ ಸೂಕ್ತ ವ್ಯವಸ್ಥೆ ಕಲ್ಪಿಸಿತ್ತು.
ವಾರಸುದಾರರ ಪತ್ತೆಗಾಗಿ
ಮಂಡ್ಯ- ಮಾರನ ಹಳ್ಳಿ ಗ್ರಾಮದ ಸಮೀಪ ಹರಿಯುವ ವಿಶ್ವೇಶ್ವರಯ್ಯ ನಾಲೆಯಲ್ಲಿ ಅಪರಿಚಿತ ವ್ಯಕ್ತಿಯ ಶವ ಪತ್ತೆಯಾಗಿದ್ದು, ಶಿವಳ್ಳಿ ಪೊಲೀಸ್ ಠಾಣೆಯಲ್ಲಿ ಪ್ರಕರಣ ದಾಖಲಾಗಿದೆ. ಮೃತ ಗಂಡಸಿಗೆ ಸುಮಾರು 40 ರಿಂದ 45 ವರ್ಷ ವಯಸ್ಸಾಗಿದ್ದು, ಸುಮಾರು 160 ಸೆ.ಮೀ ಎತ್ತರ, ದುಂಡು ಮುಖ, ಕಪ್ಪು ಕೂದಲು ಹೊಂದಿದ್ದಾರೆ. ನೀಲಿ ಬಣ್ಣದ ಶರ್ಟ್ ಧರಿಸಿರುತ್ತಾರೆ. ವಾರಸುದಾರರು ಯಾರಾದರೂ ಇದ್ದಲ್ಲಿ ದೂ.ಸಂ: 08232-224500/ 9480804849/ ಅನ್ನು ಸಂಪರ್ಕಿಸಬಹುದು.
ಕಾಣೆಯಾದವರ ಪತ್ತೆಗಾಗಿ
ಮಂಡ್ಯ- ನಗರ ನಿವಾಸಿ ಮಂಜುಳಾ (45) ಎಂಬುವವರು ಕಾಣೆಯಾಗಿದ್ದಾರೆ. ಮಂಡ್ಯದ ಪಶ್ಚಿಮ ಪೊಲೀಸ್ ಠಾಣೆಯಲ್ಲಿ ದೂರು ದಾಖಲಾಗಿದೆ. ಕಾಣೆಯಾದವರ ಚಹರೆ: 5.6 ಅಡಿ ಎತ್ತರ, ಎಣ್ಣೆಗೆಂಪು ಬಣ್ಣ, ಕೋಲುಮುಖ ಹೊಂದಿರುತ್ತಾರೆ. ಕನ್ನಡ ಭಾಷೆ ಮಾತನಾಡುತ್ತಾರೆ. ಕಾಣೆಯಾದ ಸಮಯದಲ್ಲಿ ಬಿಳಿ ಶರ್ಟ್, ಗ್ರೇ ಕಲರ್ ಟ್ರ್ಯಾಕ್ ಪ್ಯಾಂಟ್ ಧರಿಸಿದ್ದರು. ಸುಳಿವು ಸಿಕ್ಕಲ್ಲಿ ದೂ.ಸಂ: 9480804800/ 08232-224200/ 9480804834 ಸಂಪರ್ಕಿಸಬಹುದು.
ರೈತ ಸಂಘದ ಕಾರ್ಯಕರ್ತರ ಆಗ್ರಹ
ಬೇಡಿಕೆಗಳನ್ನು ಈಡೇರಿಸುವಂತೆ ಒತ್ತಾಯಿಸಿ ಪ್ರತಿಭಟನೆ
ಚಾಮರಾಜನಗರ: ರೈತರ ಹಲವಾರು ಬೇಡಿಕೆಗಳನ್ನು ಈಡೇರಿಸುವಂತೆ ಒತ್ತಾಯಿಸಿ ರೈತ ಸಂಘಟನೆಗಳ ಕಾರ್ಯಕರ್ತರು ಜಿಲ್ಲಾಡಳಿತ ಭವನದ ಮುಂದೆ ಪ್ರತಿಭಟನೆ ನಡೆಸಿದರು. ರಾಜ್ಯ ಕಬ್ಬುಬೆಳೆಗಾರರ ಸಂಘದ ಜಿಲ್ಲಾಧ್ಯಕ್ಷರ ನೇತೃತ್ವದಲ್ಲಿ ಸೇರಿದ ಪ್ರತಿಭಟನಾಕಾರರು ಸರ್ಕಾರದ ವಿರುದ್ಧ ಘೋಷಣೆ ಕೂಗಿದರು. ರೈತರ ಬೆಳೆಗಳಿಗೆ ವೈಜ್ಞಾನಿಕ ಬೆಲೆ ನಿಗದಿ ಮಾಡಬೇಕು. ಕಬ್ಬಿಗೆ ಪ್ರತಿ ಟನ್‌ಗೆ 5 ಸಾವಿರ ದರ ನೀಡಬೇಕು. ಬಾಕಿ ಹಣ ಪಾವತಿಸಬೇಕು ಎಂದು ಒತ್ತಾಯಿಸಿದರು.
ಬೇಡಿಕೆಗಳನ್ನು ಪರಿಹರಿಸಲು ಸರ್ಕಾರ ಕ್ರಮ ಕೈಗೊಳ್ಳಬೇಕು. ವಿದ್ಯುತ್ ಸಂಪರ್ಕಕ್ಕೆ ನಿರಂತರ ವಿದ್ಯುತ್ ನೀಡಬೇಕು. ಸಾಲ ಮನ್ನಾ ಮಾಡಬೇಕು. ಕಾಡು ಪ್ರಾಣಿಗಳ ಹಾವಳಿ ನಿಯಂತ್ರಿಸಬೇಕು ಎಂದು ಆಗ್ರಹಿಸಿದರು. ರೈತ ಸಂಘದ ಮುಖಂಡರು ಮಾತನಾಡಿ, ರೈತರ ಸಮಸ್ಯೆಗಳಿಗೆ ಸರ್ಕಾರ ಸ್ಪಂದಿಸುತ್ತಿಲ್ಲ. ಅಧಿಕಾರಿಗಳು ನಿರ್ಲಕ್ಷ್ಯ ವಹಿಸಿದ್ದಾರೆ ಎಂದು ಆರೋಪಿಸಿದರು.
ಮಾಡಬೇಕು. ಕೃಷಿಕರ ಪಂಪ್‌ಸೆಟ್‌ಗಳಿಗೆ ಸ್ಮಾರ್ಟ್ ಮೀಟರ್ ಅಳವಡಿಸುವುದನ್ನು ಕೈಬಿಡಬೇಕು. ಹಾಲು ಉತ್ಪಾದಕರಿಗೆ ಪ್ರೋತ್ಸಾಹಧನ ಹೆಚ್ಚಿಸಬೇಕು. ಜಿಲ್ಲಾಧಿಕಾರಿಗಳ ಮೂಲಕ ಮುಖ್ಯಮಂತ್ರಿಗಳಿಗೆ ಮನವಿ ಸಲ್ಲಿಸಲಾಯಿತು. ಮುಖಂಡರಾದ ಮಹದೇವಸ್ವಾಮಿ, ಉಪಾಧ್ಯಕ್ಷ ಪಟೇಲ್ ಶಿವಮೂರ್ತಿ, ತಾಲೂಕು ಅಧ್ಯಕ್ಷ ಸೋಮಣ್ಣ ಇದ್ದರು.
ಘೋಷಣೆಗಳನ್ನು ಕೂಗಿ ಆಕ್ರೋಶ ಹೊರಹಾಕಿದರು. ಬಳಿಕ ಮಾತನಾಡಿದ ಜಿಲ್ಲಾ ರೈತಸಂಘದ ಅಧ್ಯಕ್ಷ ಹೊನ್ನೂರು ಬಸವಣ್ಣ, ಸರ್ಕಾರ ರೈತರ ಹಿತ ಕಾಪಾಡುವಲ್ಲಿ ವಿಫಲವಾಗಿದೆ. ಪ್ರತಿಭಟನೆಯಲ್ಲಿ ರೈತ ಮುಖಂಡರಾದ ಕುರುಬೂರು ಶಾಂತಕುಮಾರ್, ಹಾಡ್ಯ ರವಿ, ಉಡಿಗಾಲ ಶಿವಮಲ್ಲು, ಮಾದಪ್ಪ, ಪುಟ್ಟಸ್ವಾಮಿ ಸೇರಿದಂತೆ ಅನೇಕರು ಹಾಜರಿದ್ದರು.
